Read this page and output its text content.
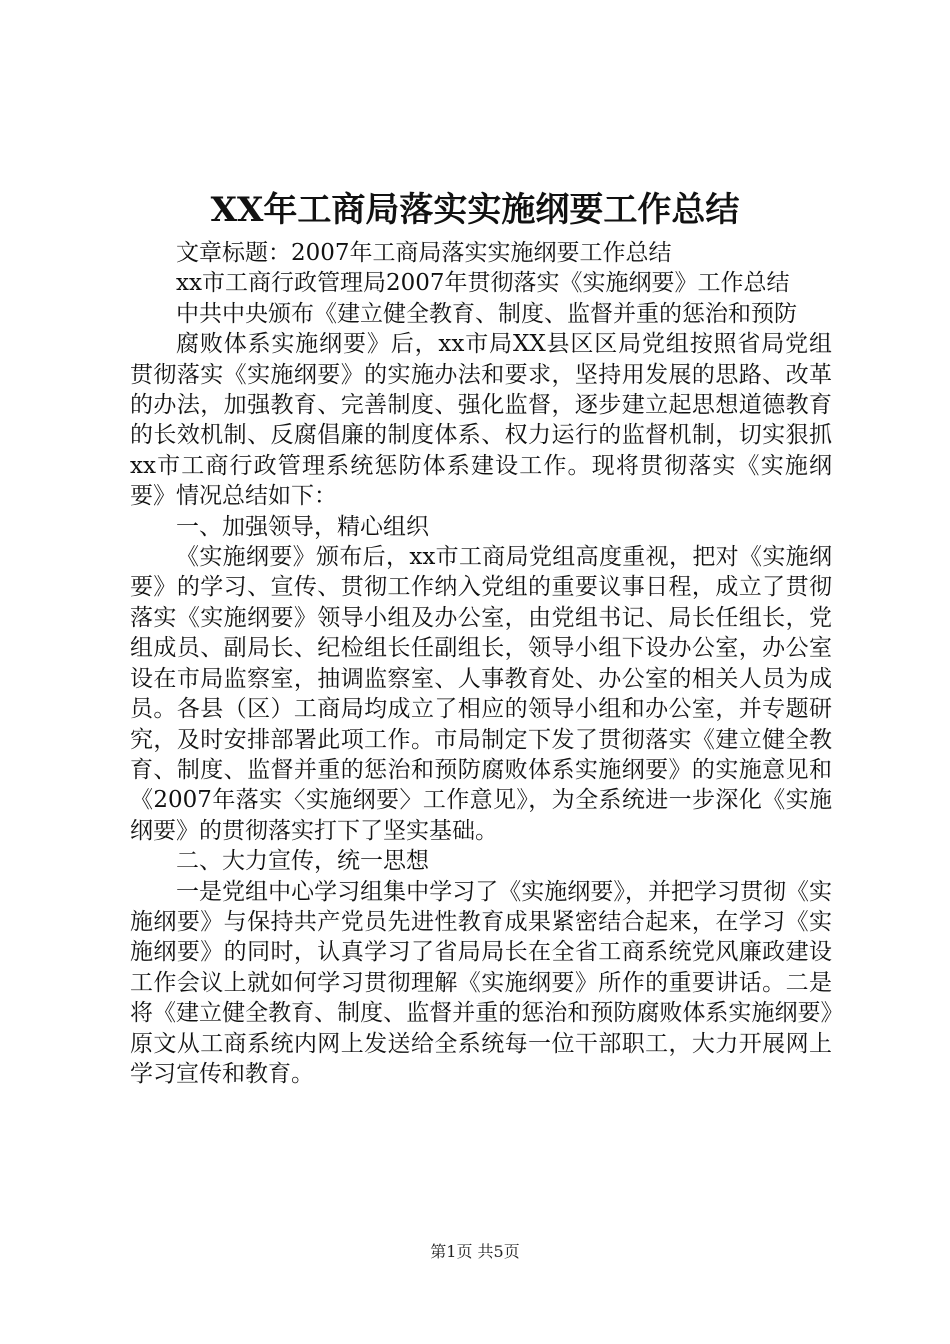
XX年工商局落实实施纲要工作总结

文章标题：2007年工商局落实实施纲要工作总结

xx市工商行政管理局2007年贯彻落实《实施纲要》工作总结

中共中央颁布《建立健全教育、制度、监督并重的惩治和预防

腐败体系实施纲要》后，xx市局XX县区区局党组按照省局党组贯彻落实《实施纲要》的实施办法和要求，坚持用发展的思路、改革的办法，加强教育、完善制度、强化监督，逐步建立起思想道德教育的长效机制、反腐倡廉的制度体系、权力运行的监督机制，切实狠抓xx市工商行政管理系统惩防体系建设工作。现将贯彻落实《实施纲要》情况总结如下：

一、加强领导，精心组织

《实施纲要》颁布后，xx市工商局党组高度重视，把对《实施纲要》的学习、宣传、贯彻工作纳入党组的重要议事日程，成立了贯彻落实《实施纲要》领导小组及办公室，由党组书记、局长任组长，党组成员、副局长、纪检组长任副组长，领导小组下设办公室，办公室设在市局监察室，抽调监察室、人事教育处、办公室的相关人员为成员。各县（区）工商局均成立了相应的领导小组和办公室，并专题研究，及时安排部署此项工作。市局制定下发了贯彻落实《建立健全教育、制度、监督并重的惩治和预防腐败体系实施纲要》的实施意见和《2007年落实〈实施纲要〉工作意见》，为全系统进一步深化《实施纲要》的贯彻落实打下了坚实基础。

二、大力宣传，统一思想

一是党组中心学习组集中学习了《实施纲要》，并把学习贯彻《实施纲要》与保持共产党员先进性教育成果紧密结合起来，在学习《实施纲要》的同时，认真学习了省局局长在全省工商系统党风廉政建设工作会议上就如何学习贯彻理解《实施纲要》所作的重要讲话。二是将《建立健全教育、制度、监督并重的惩治和预防腐败体系实施纲要》原文从工商系统内网上发送给全系统每一位干部职工，大力开展网上学习宣传和教育。

第1页 共5页
